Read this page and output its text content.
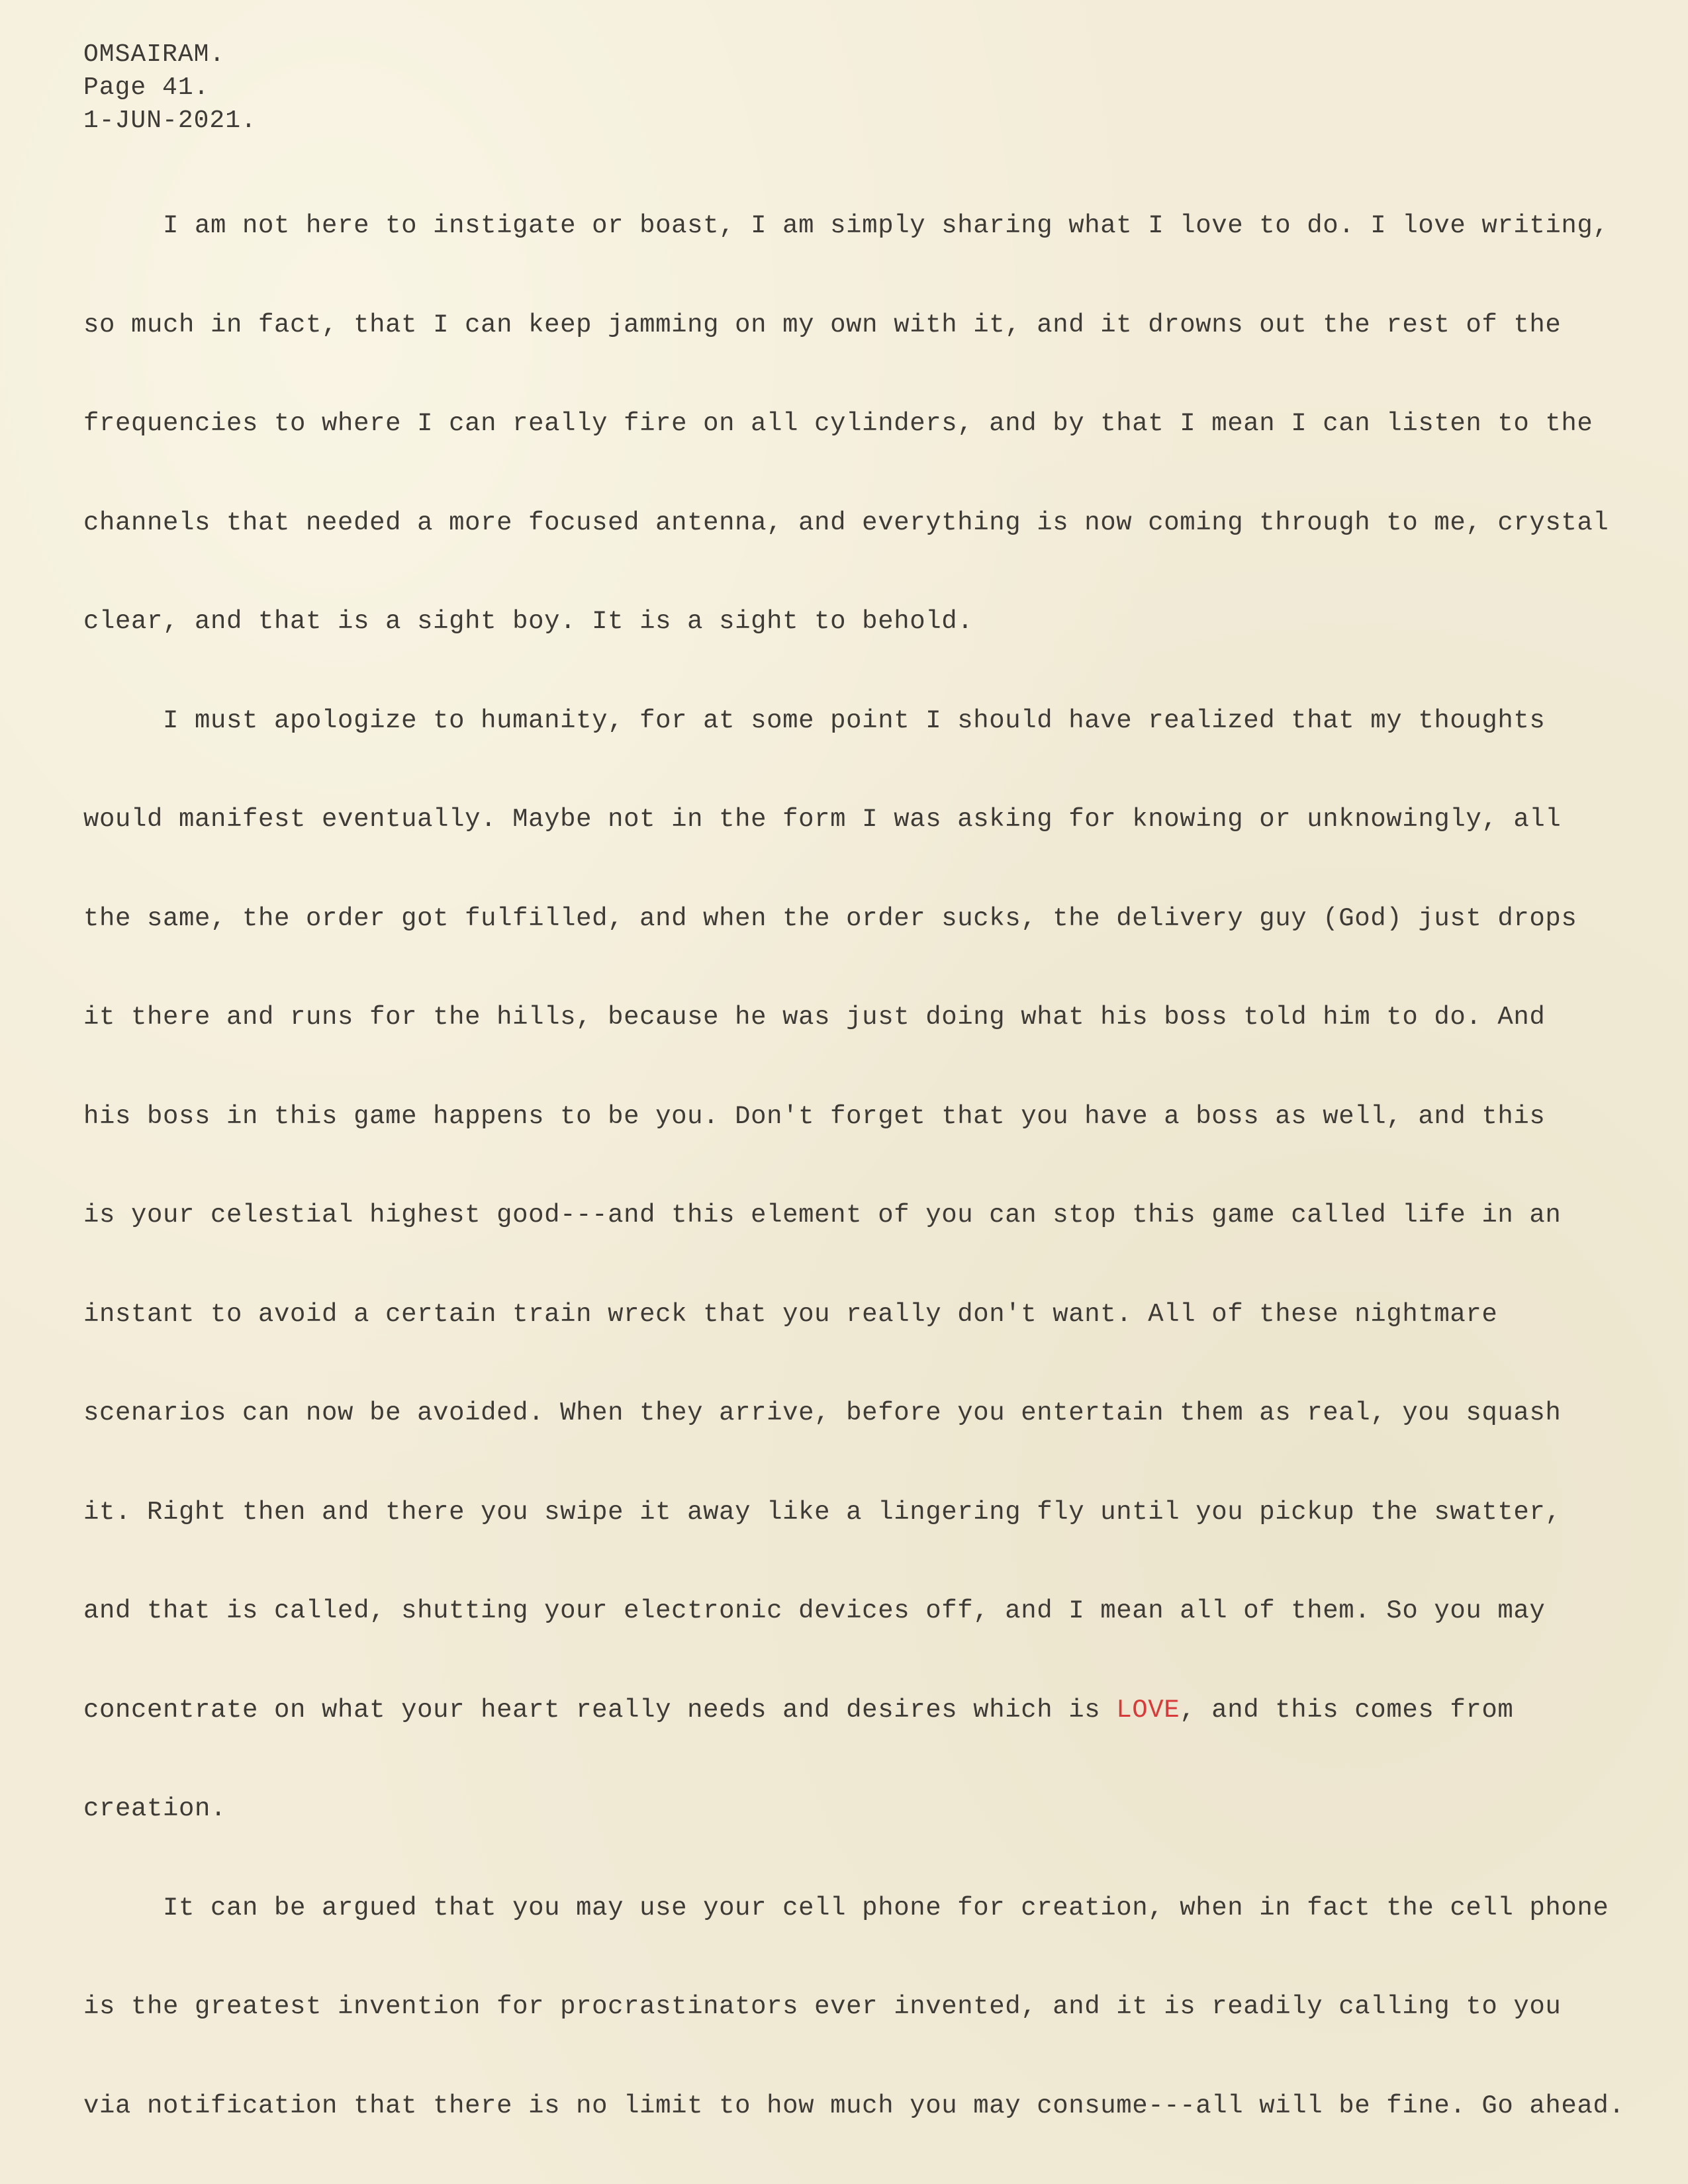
OMSAIRAM.
Page 41.
1-JUN-2021.
I am not here to instigate or boast, I am simply sharing what I love to do. I love writing,
so much in fact, that I can keep jamming on my own with it, and it drowns out the rest of the
frequencies to where I can really fire on all cylinders, and by that I mean I can listen to the
channels that needed a more focused antenna, and everything is now coming through to me, crystal
clear, and that is a sight boy. It is a sight to behold.
I must apologize to humanity, for at some point I should have realized that my thoughts
would manifest eventually. Maybe not in the form I was asking for knowing or unknowingly, all
the same, the order got fulfilled, and when the order sucks, the delivery guy (God) just drops
it there and runs for the hills, because he was just doing what his boss told him to do. And
his boss in this game happens to be you. Don't forget that you have a boss as well, and this
is your celestial highest good---and this element of you can stop this game called life in an
instant to avoid a certain train wreck that you really don't want. All of these nightmare
scenarios can now be avoided. When they arrive, before you entertain them as real, you squash
it. Right then and there you swipe it away like a lingering fly until you pickup the swatter,
and that is called, shutting your electronic devices off, and I mean all of them. So you may
concentrate on what your heart really needs and desires which is LOVE, and this comes from
creation.
It can be argued that you may use your cell phone for creation, when in fact the cell phone
is the greatest invention for procrastinators ever invented, and it is readily calling to you
via notification that there is no limit to how much you may consume---all will be fine. Go ahead.
